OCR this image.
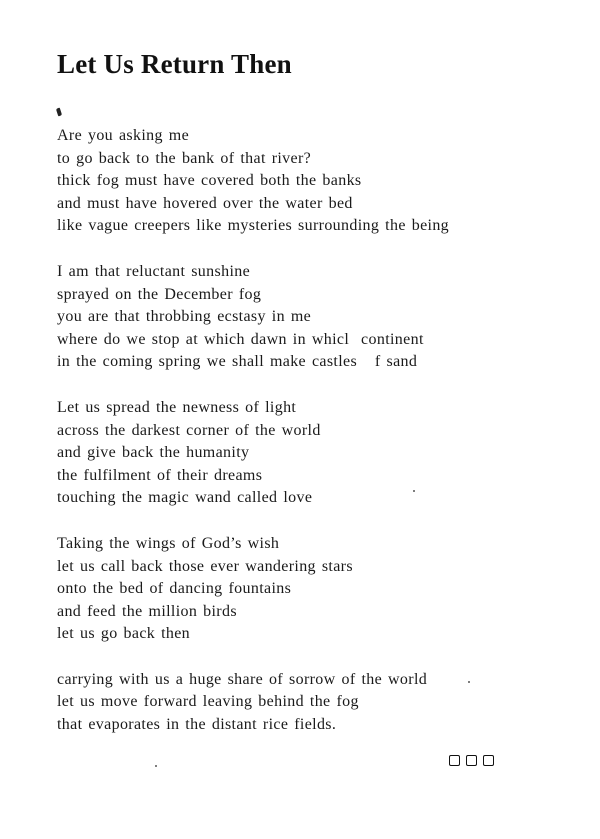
Let Us Return Then
Are you asking me
to go back to the bank of that river?
thick fog must have covered both the banks
and must have hovered over the water bed
like vague creepers like mysteries surrounding the being
I am that reluctant sunshine
sprayed on the December fog
you are that throbbing ecstasy in me
where do we stop at which dawn in whicl  continent
in the coming spring we shall make castles   f sand
Let us spread the newness of light
across the darkest corner of the world
and give back the humanity
the fulfilment of their dreams
touching the magic wand called love
Taking the wings of God’s wish
let us call back those ever wandering stars
onto the bed of dancing fountains
and feed the million birds
let us go back then
carrying with us a huge share of sorrow of the world
let us move forward leaving behind the fog
that evaporates in the distant rice fields.
